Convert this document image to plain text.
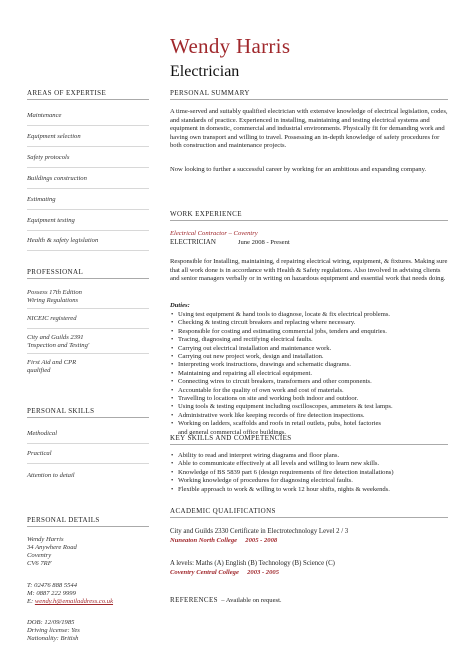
Wendy Harris
Electrician
AREAS OF EXPERTISE
Maintenance
Equipment selection
Safety protocols
Buildings construction
Estimating
Equipment testing
Health & safety legislation
PROFESSIONAL
Possess 17th Edition
Wiring Regulations
NICEIC registered
City and Guilds 2391
'Inspection and Testing'
First Aid and CPR
qualified
PERSONAL SKILLS
Methodical
Practical
Attention to detail
PERSONAL DETAILS
Wendy Harris
34 Anywhere Road
Coventry
CV6 7RF
T: 02476 888 5544
M: 0887 222 9999
E: wendy.h@emailaddress.co.uk
DOB: 12/09/1985
Driving license: Yes
Nationality: British
PERSONAL SUMMARY

A time-served and suitably qualified electrician with extensive knowledge of electrical legislation, codes, and standards of practice. Experienced in installing, maintaining and testing electrical systems and equipment in domestic, commercial and industrial environments. Physically fit for demanding work and having own transport and willing to travel. Possessing an in-depth knowledge of safety procedures for both construction and maintenance projects.

Now looking to further a successful career by working for an ambitious and expanding company.

WORK EXPERIENCE
Electrical Contractor – Coventry
ELECTRICIAN	June 2008 - Present

Responsible for Installing, maintaining, d repairing electrical wiring, equipment, & fixtures. Making sure that all work done is in accordance with Health & Safety regulations. Also involved in advising clients and senior managers verbally or in writing on hazardous equipment and essential work that needs doing.

Duties:
• Using test equipment & hand tools to diagnose, locate & fix electrical problems.
• Checking & testing circuit breakers and replacing where necessary.
• Responsible for costing and estimating commercial jobs, tenders and enquiries.
• Tracing, diagnosing and rectifying electrical faults.
• Carrying out electrical installation and maintenance work.
• Carrying out new project work, design and installation.
• Interpreting work instructions, drawings and schematic diagrams.
• Maintaining and repairing all electrical equipment.
• Connecting wires to circuit breakers, transformers and other components.
• Accountable for the quality of own work and cost of materials.
• Travelling to locations on site and working both indoor and outdoor.
• Using tools & testing equipment including oscilloscopes, ammeters & test lamps.
• Administrative work like keeping records of fire detection inspections.
• Working on ladders, scaffolds and roofs in retail outlets, pubs, hotel factories
and general commercial office buildings.
KEY SKILLS AND COMPETENCIES
• Ability to read and interpret wiring diagrams and floor plans.
• Able to communicate effectively at all levels and willing to learn new skills.
• Knowledge of BS 5839 part 6 (design requirements of fire detection installations)
• Working knowledge of procedures for diagnosing electrical faults.
• Flexible approach to work & willing to work 12 hour shifts, nights & weekends.
ACADEMIC QUALIFICATIONS
City and Guilds 2330 Certificate in Electrotechnology Level 2 / 3
Nuneaton North College 2005 - 2008
A levels: Maths (A) English (B) Technology (B) Science (C)
Coventry Central College 2003 - 2005
REFERENCES – Available on request.
